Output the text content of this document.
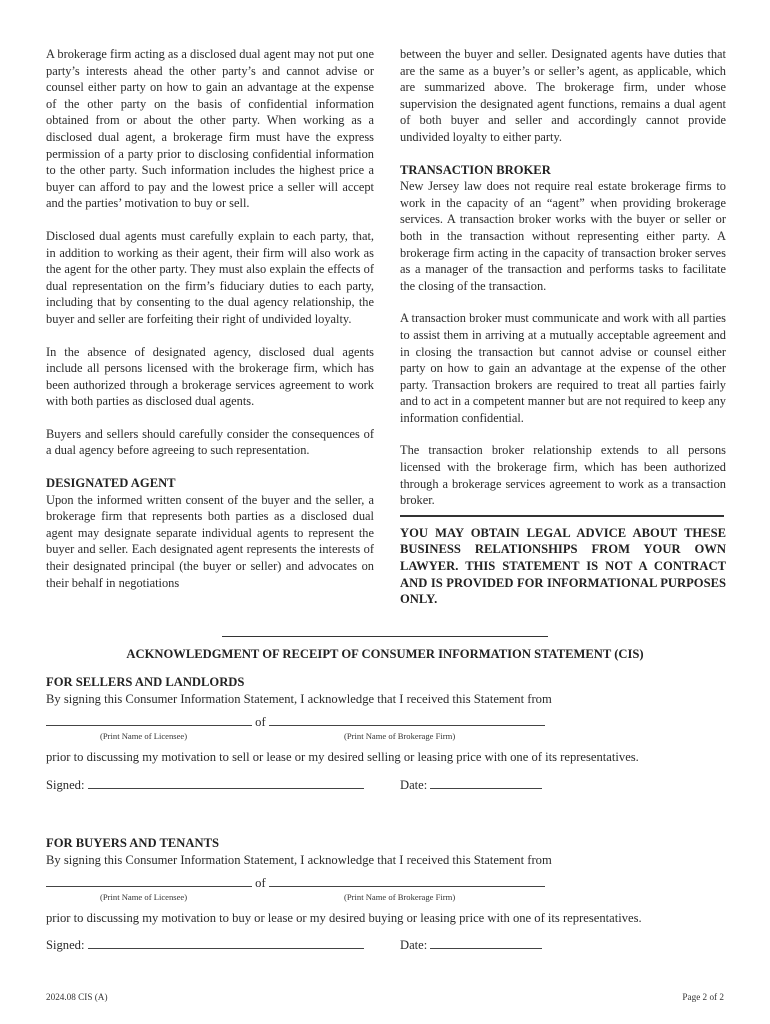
A brokerage firm acting as a disclosed dual agent may not put one party’s interests ahead the other party’s and cannot advise or counsel either party on how to gain an advantage at the expense of the other party on the basis of confidential information obtained from or about the other party. When working as a disclosed dual agent, a brokerage firm must have the express permission of a party prior to disclosing confidential information to the other party. Such information includes the highest price a buyer can afford to pay and the lowest price a seller will accept and the parties’ motivation to buy or sell.

Disclosed dual agents must carefully explain to each party, that, in addition to working as their agent, their firm will also work as the agent for the other party. They must also explain the effects of dual representation on the firm’s fiduciary duties to each party, including that by consenting to the dual agency relationship, the buyer and seller are forfeiting their right of undivided loyalty.

In the absence of designated agency, disclosed dual agents include all persons licensed with the brokerage firm, which has been authorized through a brokerage services agreement to work with both parties as disclosed dual agents.

Buyers and sellers should carefully consider the consequences of a dual agency before agreeing to such representation.

DESIGNATED AGENT

Upon the informed written consent of the buyer and the seller, a brokerage firm that represents both parties as a disclosed dual agent may designate separate individual agents to represent the buyer and seller. Each designated agent represents the interests of their designated principal (the buyer or seller) and advocates on their behalf in negotiations

between the buyer and seller. Designated agents have duties that are the same as a buyer’s or seller’s agent, as applicable, which are summarized above. The brokerage firm, under whose supervision the designated agent functions, remains a dual agent of both buyer and seller and accordingly cannot provide undivided loyalty to either party.

TRANSACTION BROKER

New Jersey law does not require real estate brokerage firms to work in the capacity of an “agent” when providing brokerage services. A transaction broker works with the buyer or seller or both in the transaction without representing either party. A brokerage firm acting in the capacity of transaction broker serves as a manager of the transaction and performs tasks to facilitate the closing of the transaction.

A transaction broker must communicate and work with all parties to assist them in arriving at a mutually acceptable agreement and in closing the transaction but cannot advise or counsel either party on how to gain an advantage at the expense of the other party. Transaction brokers are required to treat all parties fairly and to act in a competent manner but are not required to keep any information confidential.

The transaction broker relationship extends to all persons licensed with the brokerage firm, which has been authorized through a brokerage services agreement to work as a transaction broker.

YOU MAY OBTAIN LEGAL ADVICE ABOUT THESE BUSINESS RELATIONSHIPS FROM YOUR OWN LAWYER. THIS STATEMENT IS NOT A CONTRACT AND IS PROVIDED FOR INFORMATIONAL PURPOSES ONLY.
ACKNOWLEDGMENT OF RECEIPT OF CONSUMER INFORMATION STATEMENT (CIS)
FOR SELLERS AND LANDLORDS
By signing this Consumer Information Statement, I acknowledge that I received this Statement from
of
(Print Name of Licensee)	(Print Name of Brokerage Firm)
prior to discussing my motivation to sell or lease or my desired selling or leasing price with one of its representatives.
Signed:	Date:
FOR BUYERS AND TENANTS
By signing this Consumer Information Statement, I acknowledge that I received this Statement from
of
(Print Name of Licensee)	(Print Name of Brokerage Firm)
prior to discussing my motivation to buy or lease or my desired buying or leasing price with one of its representatives.
Signed:	Date:
2024.08 CIS (A)	Page 2 of 2
